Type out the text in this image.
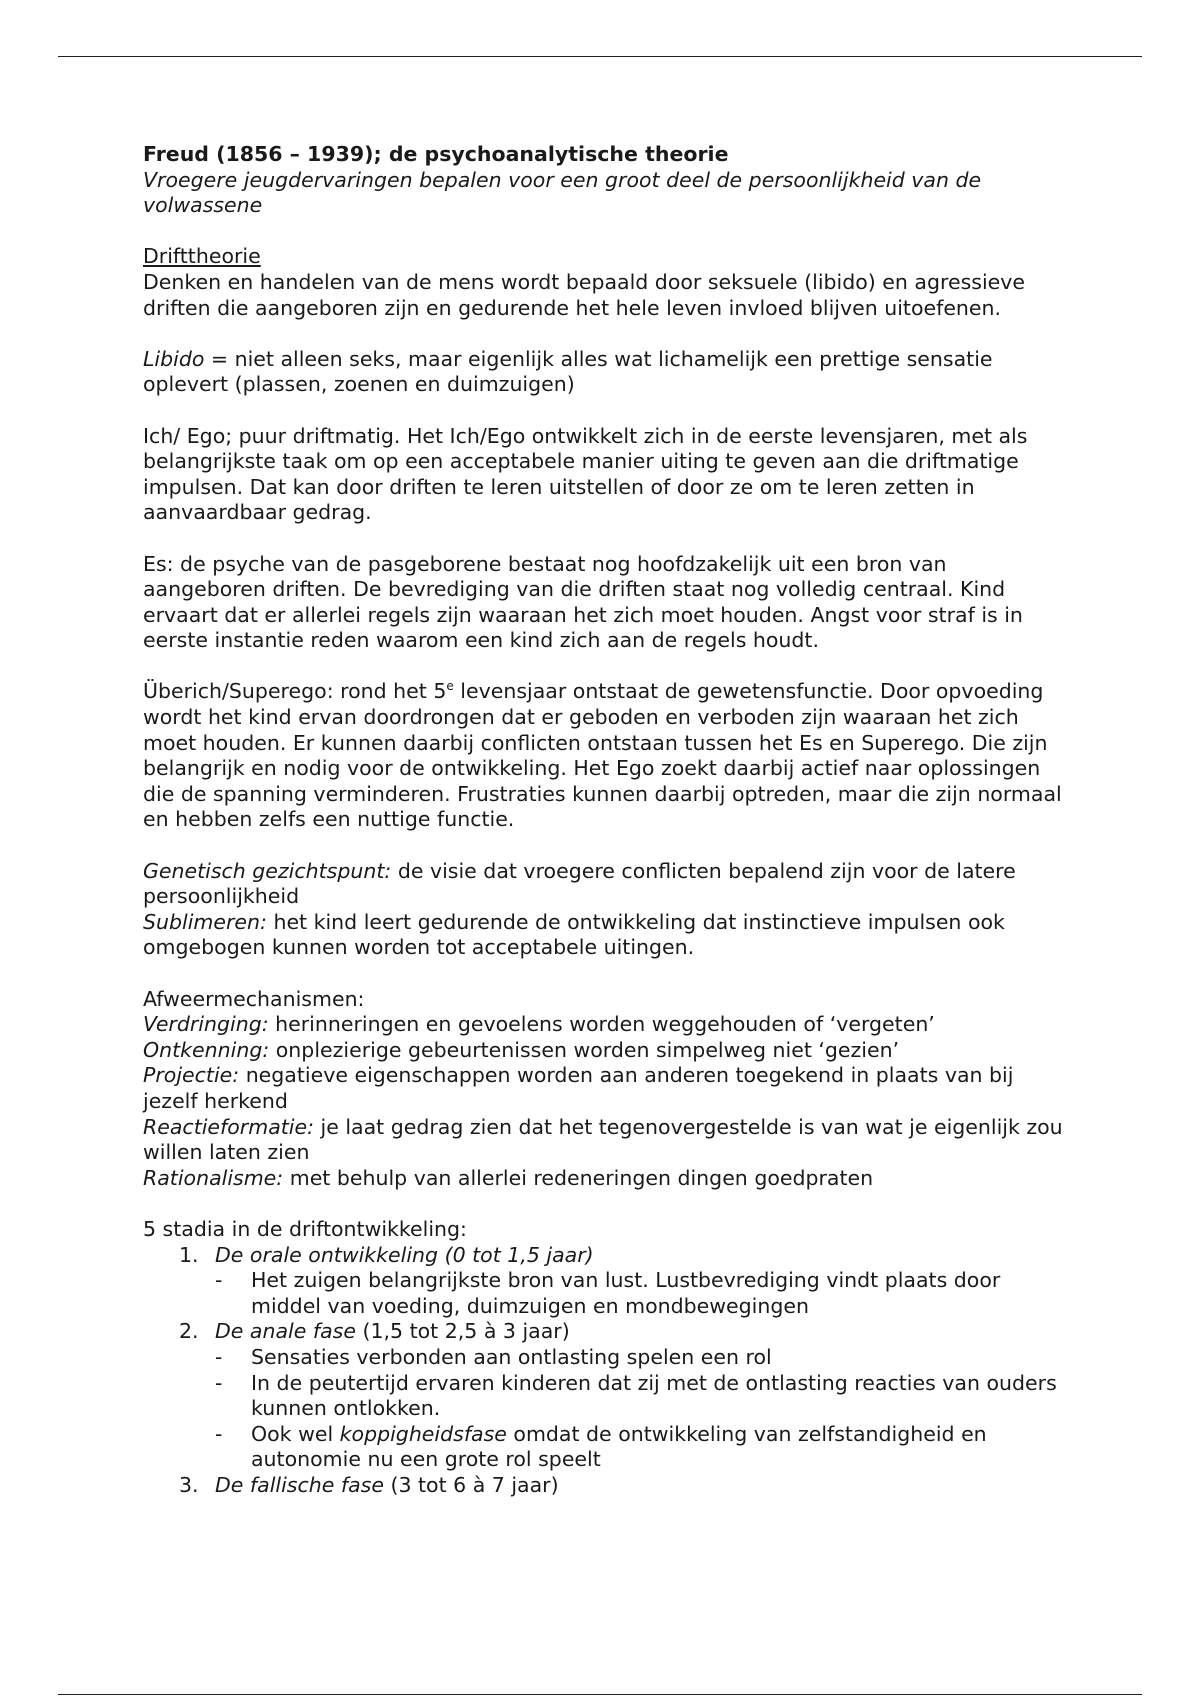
Freud (1856 – 1939); de psychoanalytische theorie

Vroegere jeugdervaringen bepalen voor een groot deel de persoonlijkheid van de volwassene

Drifttheorie

Denken en handelen van de mens wordt bepaald door seksuele (libido) en agressieve driften die aangeboren zijn en gedurende het hele leven invloed blijven uitoefenen.

Libido = niet alleen seks, maar eigenlijk alles wat lichamelijk een prettige sensatie oplevert (plassen, zoenen en duimzuigen)

Ich/ Ego; puur driftmatig. Het Ich/Ego ontwikkelt zich in de eerste levensjaren, met als belangrijkste taak om op een acceptabele manier uiting te geven aan die driftmatige impulsen. Dat kan door driften te leren uitstellen of door ze om te leren zetten in aanvaardbaar gedrag.

Es: de psyche van de pasgeborene bestaat nog hoofdzakelijk uit een bron van aangeboren driften. De bevrediging van die driften staat nog volledig centraal. Kind ervaart dat er allerlei regels zijn waaraan het zich moet houden. Angst voor straf is in eerste instantie reden waarom een kind zich aan de regels houdt.

Überich/Superego: rond het 5e levensjaar ontstaat de gewetensfunctie. Door opvoeding wordt het kind ervan doordrongen dat er geboden en verboden zijn waaraan het zich moet houden. Er kunnen daarbij conflicten ontstaan tussen het Es en Superego. Die zijn belangrijk en nodig voor de ontwikkeling. Het Ego zoekt daarbij actief naar oplossingen die de spanning verminderen. Frustraties kunnen daarbij optreden, maar die zijn normaal en hebben zelfs een nuttige functie.

Genetisch gezichtspunt: de visie dat vroegere conflicten bepalend zijn voor de latere persoonlijkheid

Sublimeren: het kind leert gedurende de ontwikkeling dat instinctieve impulsen ook omgebogen kunnen worden tot acceptabele uitingen.

Afweermechanismen:

Verdringing: herinneringen en gevoelens worden weggehouden of ‘vergeten’

Ontkenning: onplezierige gebeurtenissen worden simpelweg niet ‘gezien’

Projectie: negatieve eigenschappen worden aan anderen toegekend in plaats van bij jezelf herkend

Reactieformatie: je laat gedrag zien dat het tegenovergestelde is van wat je eigenlijk zou willen laten zien

Rationalisme: met behulp van allerlei redeneringen dingen goedpraten

5 stadia in de driftontwikkeling:

1. De orale ontwikkeling (0 tot 1,5 jaar)
- Het zuigen belangrijkste bron van lust. Lustbevrediging vindt plaats door middel van voeding, duimzuigen en mondbewegingen
2. De anale fase (1,5 tot 2,5 à 3 jaar)
- Sensaties verbonden aan ontlasting spelen een rol
- In de peutertijd ervaren kinderen dat zij met de ontlasting reacties van ouders kunnen ontlokken.
- Ook wel koppigheidsfase omdat de ontwikkeling van zelfstandigheid en autonomie nu een grote rol speelt
3. De fallische fase (3 tot 6 à 7 jaar)
